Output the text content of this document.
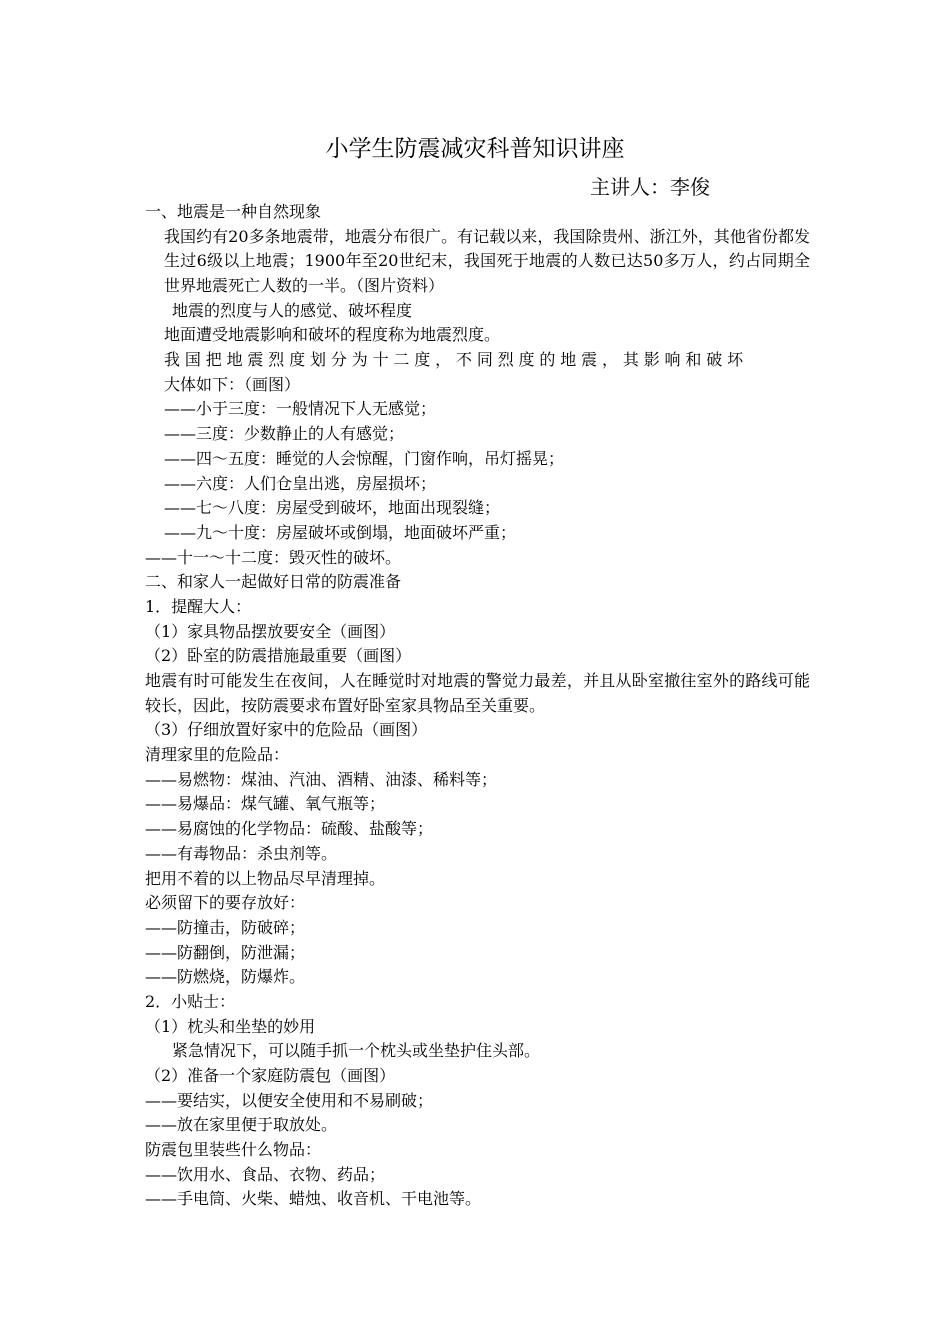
小学生防震减灾科普知识讲座
主讲人：李俊
一、地震是一种自然现象
我国约有20多条地震带，地震分布很广。有记载以来，我国除贵州、浙江外，其他省份都发生过6级以上地震；1900年至20世纪末，我国死于地震的人数已达50多万人，约占同期全世界地震死亡人数的一半。（图片资料）
地震的烈度与人的感觉、破坏程度
地面遭受地震影响和破坏的程度称为地震烈度。
我国把地震烈度划分为十二度，不同烈度的地震，其影响和破坏大体如下：（画图）
——小于三度：一般情况下人无感觉；
——三度：少数静止的人有感觉；
——四～五度：睡觉的人会惊醒，门窗作响，吊灯摇晃；
——六度：人们仓皇出逃，房屋损坏；
——七～八度：房屋受到破坏，地面出现裂缝；
——九～十度：房屋破坏或倒塌，地面破坏严重；
——十一～十二度：毁灭性的破坏。
二、和家人一起做好日常的防震准备
1．提醒大人：
（1）家具物品摆放要安全（画图）
（2）卧室的防震措施最重要（画图）
地震有时可能发生在夜间，人在睡觉时对地震的警觉力最差，并且从卧室撤往室外的路线可能较长，因此，按防震要求布置好卧室家具物品至关重要。
（3）仔细放置好家中的危险品（画图）
清理家里的危险品：
——易燃物：煤油、汽油、酒精、油漆、稀料等；
——易爆品：煤气罐、氧气瓶等；
——易腐蚀的化学物品：硫酸、盐酸等；
——有毒物品：杀虫剂等。
把用不着的以上物品尽早清理掉。
必须留下的要存放好：
——防撞击，防破碎；
——防翻倒，防泄漏；
——防燃烧，防爆炸。
2．小贴士：
（1）枕头和坐垫的妙用
紧急情况下，可以随手抓一个枕头或坐垫护住头部。
（2）准备一个家庭防震包（画图）
——要结实，以便安全使用和不易刷破；
——放在家里便于取放处。
防震包里装些什么物品：
——饮用水、食品、衣物、药品；
——手电筒、火柴、蜡烛、收音机、干电池等。
